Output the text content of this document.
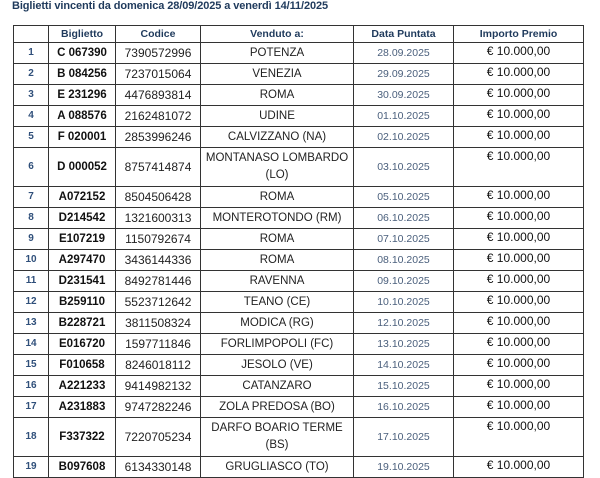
Biglietti vincenti da domenica 28/09/2025 a venerdì 14/11/2025
	Biglietto	Codice	Venduto a:	Data Puntata	Importo Premio
1	C 067390	7390572996	POTENZA	28.09.2025	€ 10.000,00
2	B 084256	7237015064	VENEZIA	29.09.2025	€ 10.000,00
3	E 231296	4476893814	ROMA	30.09.2025	€ 10.000,00
4	A 088576	2162481072	UDINE	01.10.2025	€ 10.000,00
5	F 020001	2853996246	CALVIZZANO (NA)	02.10.2025	€ 10.000,00
6	D 000052	8757414874	MONTANASO LOMBARDO (LO)	03.10.2025	€ 10.000,00
7	A072152	8504506428	ROMA	05.10.2025	€ 10.000,00
8	D214542	1321600313	MONTEROTONDO (RM)	06.10.2025	€ 10.000,00
9	E107219	1150792674	ROMA	07.10.2025	€ 10.000,00
10	A297470	3436144336	ROMA	08.10.2025	€ 10.000,00
11	D231541	8492781446	RAVENNA	09.10.2025	€ 10.000,00
12	B259110	5523712642	TEANO (CE)	10.10.2025	€ 10.000,00
13	B228721	3811508324	MODICA (RG)	12.10.2025	€ 10.000,00
14	E016720	1597711846	FORLIMPOPOLI (FC)	13.10.2025	€ 10.000,00
15	F010658	8246018112	JESOLO (VE)	14.10.2025	€ 10.000,00
16	A221233	9414982132	CATANZARO	15.10.2025	€ 10.000,00
17	A231883	9747282246	ZOLA PREDOSA (BO)	16.10.2025	€ 10.000,00
18	F337322	7220705234	DARFO BOARIO TERME (BS)	17.10.2025	€ 10.000,00
19	B097608	6134330148	GRUGLIASCO (TO)	19.10.2025	€ 10.000,00
